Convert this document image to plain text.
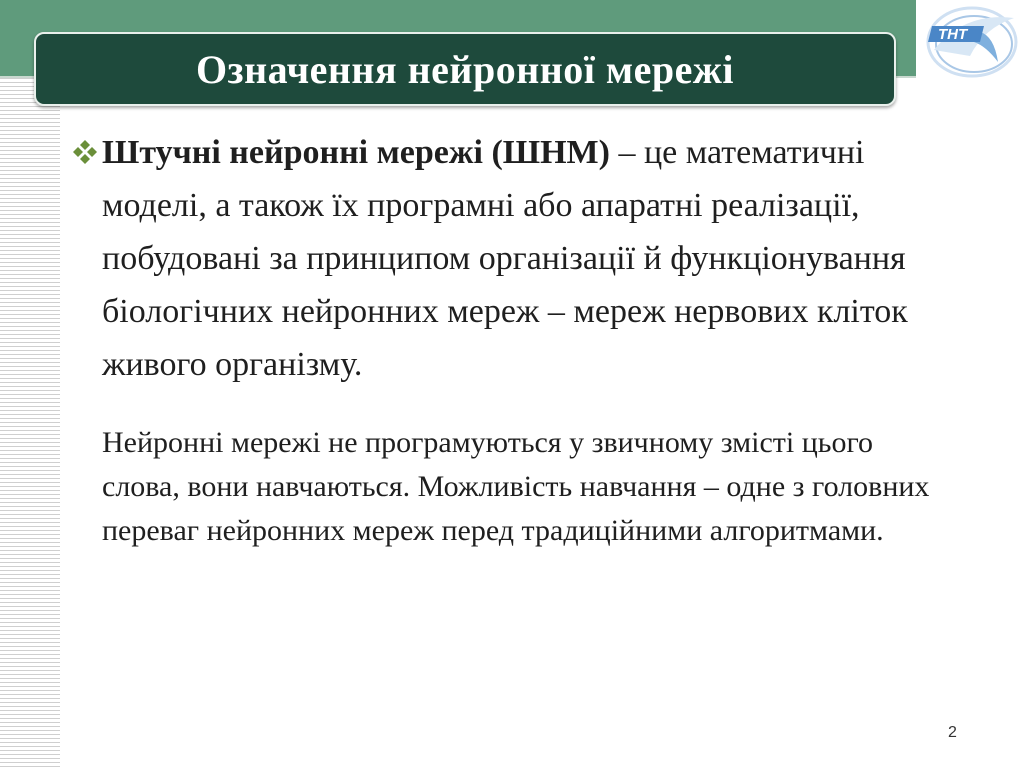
ТНТ
Означення нейронної мережі
Штучні нейронні мережі (ШНМ) – це математичні моделі, а також їх програмні або апаратні реалізації, побудовані за принципом організації й функціонування біологічних нейронних мереж – мереж нервових кліток живого організму.
Нейронні мережі не програмуються у звичному змісті цього слова, вони навчаються. Можливість навчання – одне з головних переваг нейронних мереж перед традиційними алгоритмами.
2
